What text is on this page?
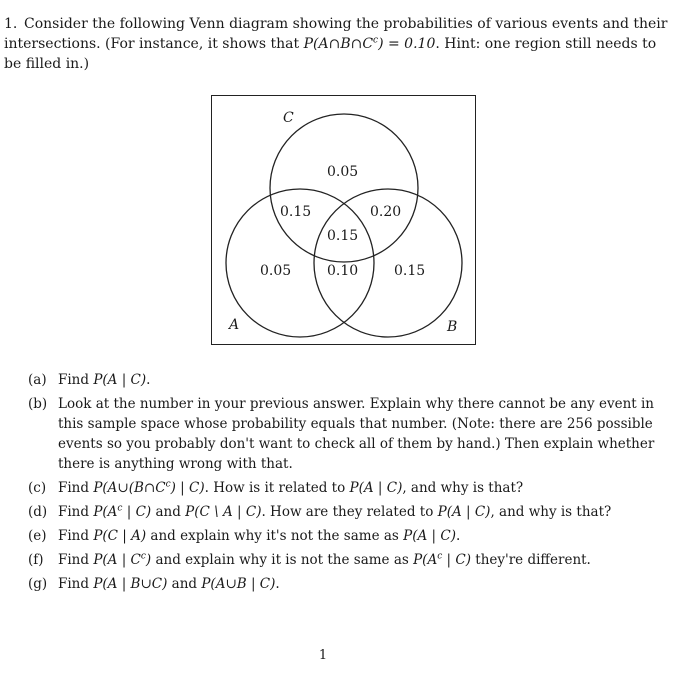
1. Consider the following Venn diagram showing the probabilities of various events and their intersections. (For instance, it shows that $P(A\cap B\cap C^c) = 0.10$. Hint: one region still needs to be filled in.)
C
A	B
0.05
0.15	0.20
0.15
0.05	0.10	0.15
(a) Find P(A | C).
(b) Look at the number in your previous answer. Explain why there cannot be any event in this sample space whose probability equals that number. (Note: there are 256 possible events so you probably don't want to check all of them by hand.) Then explain whether there is anything wrong with that.
(c) Find $P(A\cup(B\cap C^c)$ | C). How is it related to P(A | C), and why is that?
(d) Find $P(A^c$ | C) and P(C \ A | C). How are they related to P(A | C), and why is that?
(e) Find P(C | A) and explain why it's not the same as P(A | C).
(f) Find P(A | $C^c$) and explain why it is not the same as $P(A^c$ | C) they're different.
(g) Find P(A | B∪C) and P(A∪B | C).
1
